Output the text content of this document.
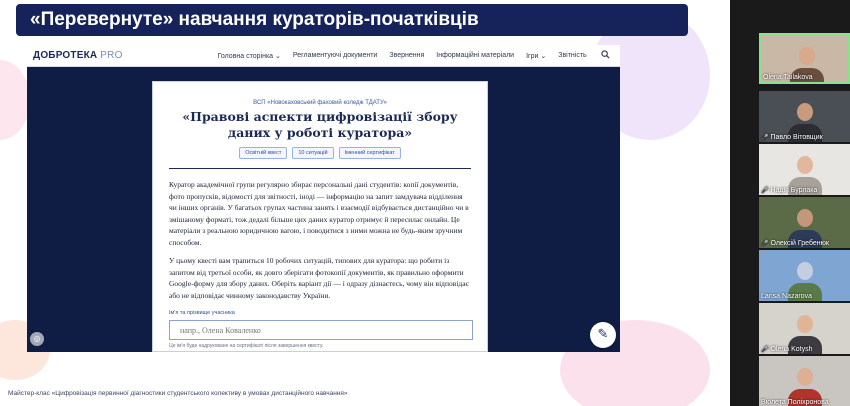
«Перевернуте» навчання кураторів-початківців
ДОБРОТЕКА PRO	Головна сторінка ⌄ Регламентуючі документи Звернення Інформаційні матеріали Ігри ⌄ Звітність
ВСП «Новокаховський фаховий коледж ТДАТУ»
«Правові аспекти цифровізації збору даних у роботі куратора»
Освітній квест	10 ситуацій	Іменний сертифікат

Куратор академічної групи регулярно збирає персональні дані студентів: копії документів, фото пропусків, відомості для звітності, іноді — інформацію на запит замдувача відділення чи інших органів. У багатьох групах частина занять і взаємодії відбувається дистанційно чи в змішаному форматі, тож дедалі більше цих даних куратор отримує й пересилає онлайн. Це матеріали з реальною юридичною вагою, і поводитися з ними можна не будь-яким зручним способом.

У цьому квесті вам трапиться 10 робочих ситуацій, типових для куратора: що робити із запитом від третьої особи, як довго зберігати фотокопії документів, як правильно оформити Google-форму для збору даних. Оберіть варіант дії — і одразу дізнаєтесь, чому він відповідає або не відповідає чинному законодавству України.

Ім'я та прізвище учасника
напр., Олена Коваленко
Це ім'я буде надруковане на сертифікаті після завершення квесту.
◎	✎
Майстер-клас «Цифровізація первинної діагностики студентського колективу в умовах дистанційного навчання»
Olena Tailakova
🎤 Павло Вітовщик
🎤 Надія Бурлака
🎤 Олексій Гребенюк
Larisa Nazarova
🎤 Olena Kotysh
Віолета Поліхронова
